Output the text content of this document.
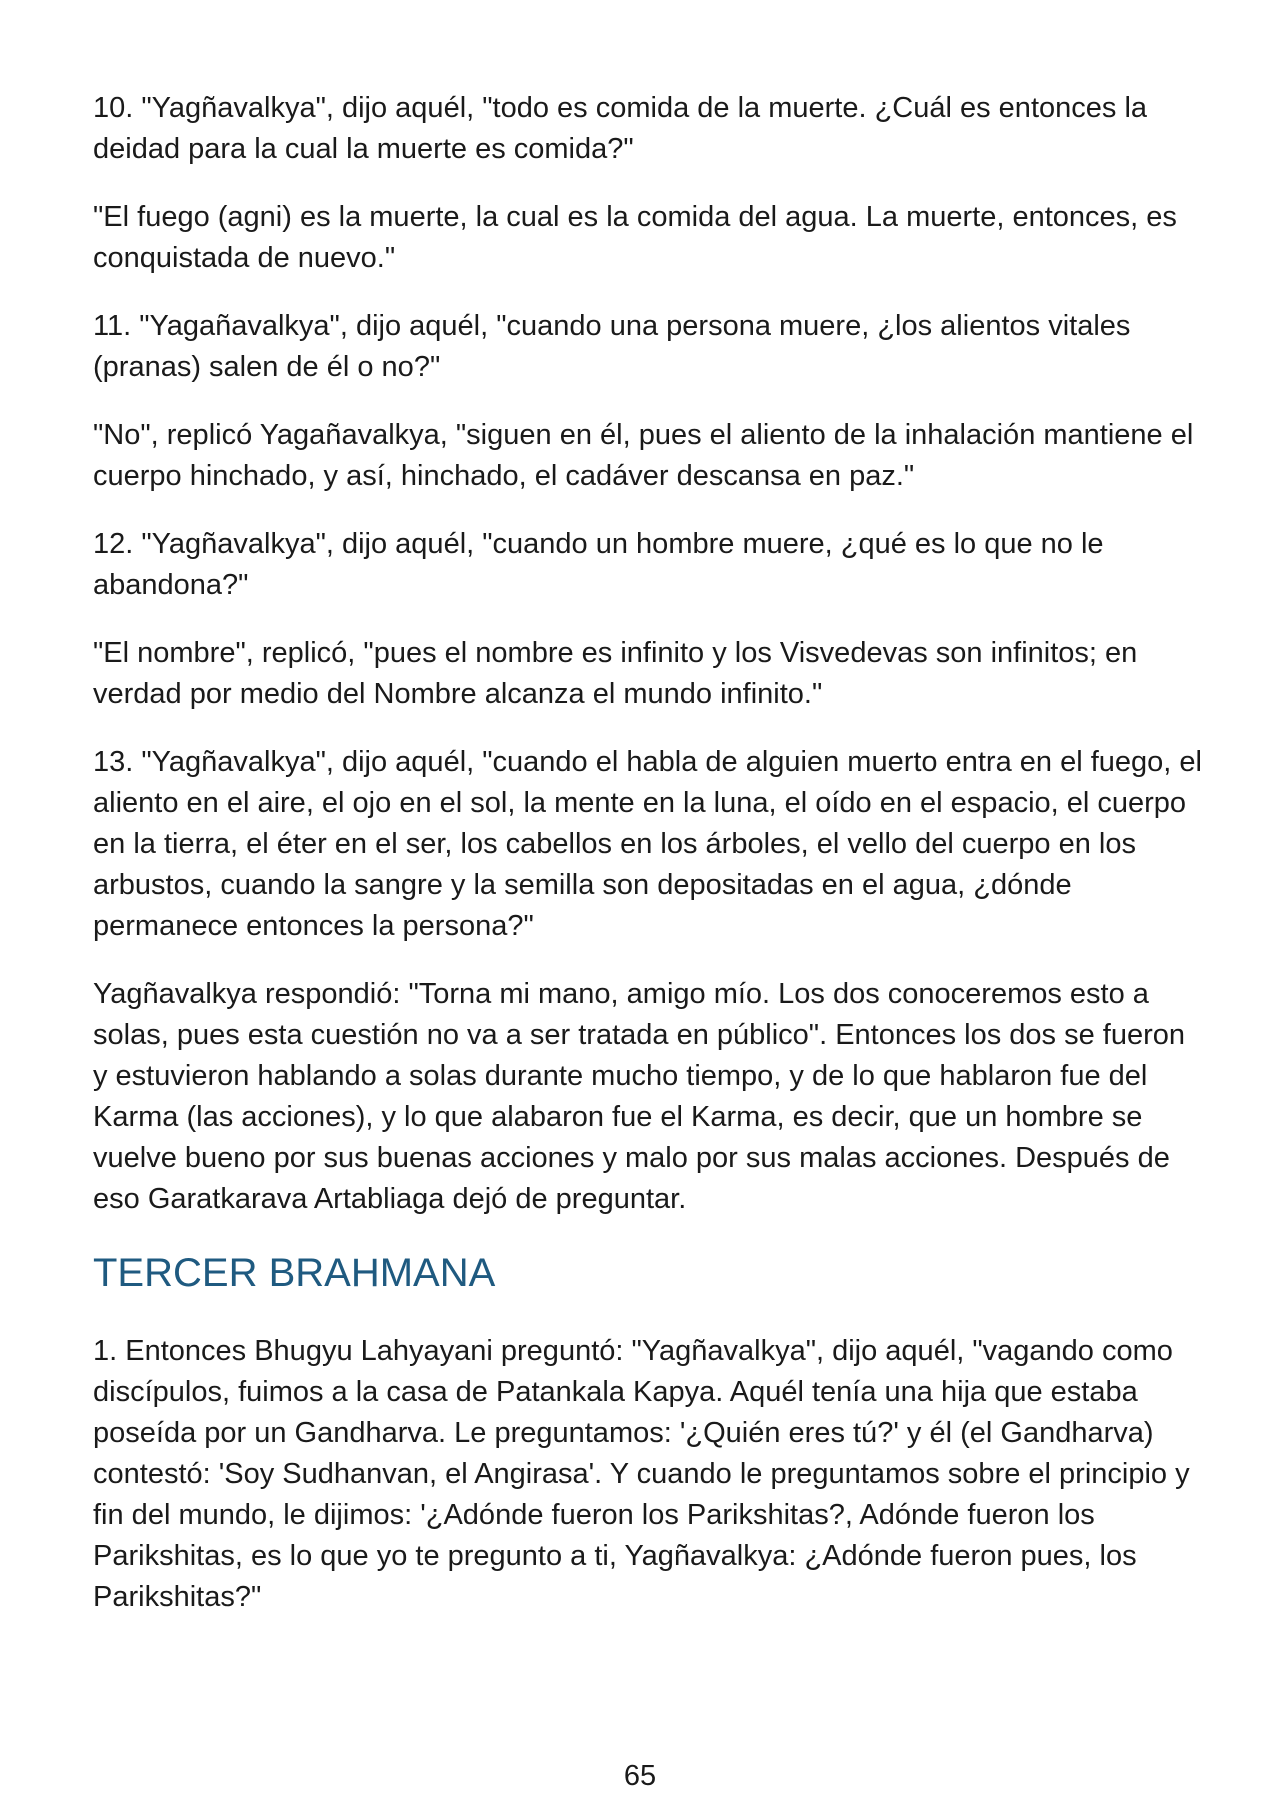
10. "Yagñavalkya", dijo aquél, "todo es comida de la muerte. ¿Cuál es entonces la deidad para la cual la muerte es comida?"

"El fuego (agni) es la muerte, la cual es la comida del agua. La muerte, entonces, es conquistada de nuevo."

11. "Yagañavalkya", dijo aquél, "cuando una persona muere, ¿los alientos vitales (pranas) salen de él o no?"

"No", replicó Yagañavalkya, "siguen en él, pues el aliento de la inhalación mantiene el cuerpo hinchado, y así, hinchado, el cadáver descansa en paz."

12. "Yagñavalkya", dijo aquél, "cuando un hombre muere, ¿qué es lo que no le abandona?"

"El nombre", replicó, "pues el nombre es infinito y los Visvedevas son infinitos; en verdad por medio del Nombre alcanza el mundo infinito."

13. "Yagñavalkya", dijo aquél, "cuando el habla de alguien muerto entra en el fuego, el aliento en el aire, el ojo en el sol, la mente en la luna, el oído en el espacio, el cuerpo en la tierra, el éter en el ser, los cabellos en los árboles, el vello del cuerpo en los arbustos, cuando la sangre y la semilla son depositadas en el agua, ¿dónde permanece entonces la persona?"

Yagñavalkya respondió: "Torna mi mano, amigo mío. Los dos conoceremos esto a solas, pues esta cuestión no va a ser tratada en público". Entonces los dos se fueron y estuvieron hablando a solas durante mucho tiempo, y de lo que hablaron fue del Karma (las acciones), y lo que alabaron fue el Karma, es decir, que un hombre se vuelve bueno por sus buenas acciones y malo por sus malas acciones. Después de eso Garatkarava Artabliaga dejó de preguntar.

TERCER BRAHMANA

1. Entonces Bhugyu Lahyayani preguntó: "Yagñavalkya", dijo aquél, "vagando como discípulos, fuimos a la casa de Patankala Kapya. Aquél tenía una hija que estaba poseída por un Gandharva. Le preguntamos: '¿Quién eres tú?' y él (el Gandharva) contestó: 'Soy Sudhanvan, el Angirasa'. Y cuando le preguntamos sobre el principio y fin del mundo, le dijimos: '¿Adónde fueron los Parikshitas?, Adónde fueron los Parikshitas, es lo que yo te pregunto a ti, Yagñavalkya: ¿Adónde fueron pues, los Parikshitas?"

65
